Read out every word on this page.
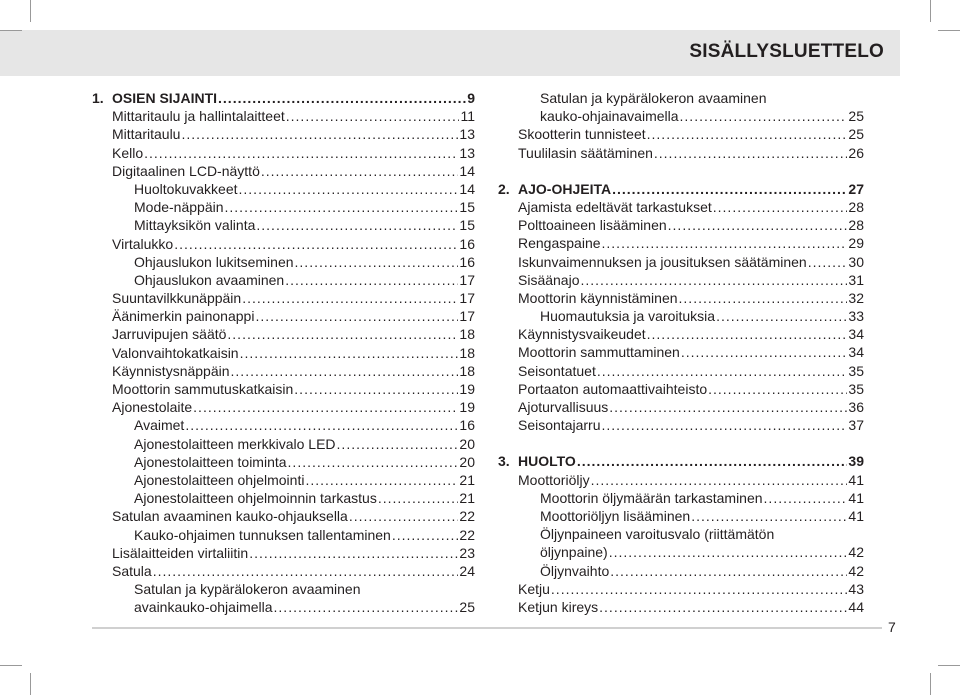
SISÄLLYSLUETTELO
1. OSIEN SIJAINTI .....	9
Mittaritaulu ja hallintalaitteet .....	11
Mittaritaulu .....	13
Kello .....	13
Digitaalinen LCD-näyttö .....	14
Huoltokuvakkeet .....	14
Mode-näppäin .....	15
Mittayksikön valinta .....	15
Virtalukko .....	16
Ohjauslukon lukitseminen .....	16
Ohjauslukon avaaminen .....	17
Suuntavilkkunäppäin .....	17
Äänimerkin painonappi .....	17
Jarruvipujen säätö .....	18
Valonvaihtokatkaisin .....	18
Käynnistysnäppäin .....	18
Moottorin sammutuskatkaisin .....	19
Ajonestolaite .....	19
Avaimet .....	16
Ajonestolaitteen merkkivalo LED .....	20
Ajonestolaitteen toiminta .....	20
Ajonestolaitteen ohjelmointi .....	21
Ajonestolaitteen ohjelmoinnin tarkastus .....	21
Satulan avaaminen kauko-ohjauksella .....	22
Kauko-ohjaimen tunnuksen tallentaminen .....	22
Lisälaitteiden virtaliitin .....	23
Satula .....	24
Satulan ja kypärälokeron avaaminen
avainkauko-ohjaimella .....	25
Satulan ja kypärälokeron avaaminen
kauko-ohjainavaimella .....	25
Skootterin tunnisteet .....	25
Tuulilasin säätäminen .....	26
2. AJO-OHJEITA .....	27
Ajamista edeltävät tarkastukset .....	28
Polttoaineen lisääminen .....	28
Rengaspaine .....	29
Iskunvaimennuksen ja jousituksen säätäminen .....	30
Sisäänajo .....	31
Moottorin käynnistäminen .....	32
Huomautuksia ja varoituksia .....	33
Käynnistysvaikeudet .....	34
Moottorin sammuttaminen .....	34
Seisontatuet .....	35
Portaaton automaattivaihteisto .....	35
Ajoturvallisuus .....	36
Seisontajarru .....	37
3. HUOLTO .....	39
Moottoriöljy .....	41
Moottorin öljymäärän tarkastaminen .....	41
Moottoriöljyn lisääminen .....	41
Öljynpaineen varoitusvalo (riittämätön
öljynpaine) .....	42
Öljynvaihto .....	42
Ketju .....	43
Ketjun kireys .....	44
7
